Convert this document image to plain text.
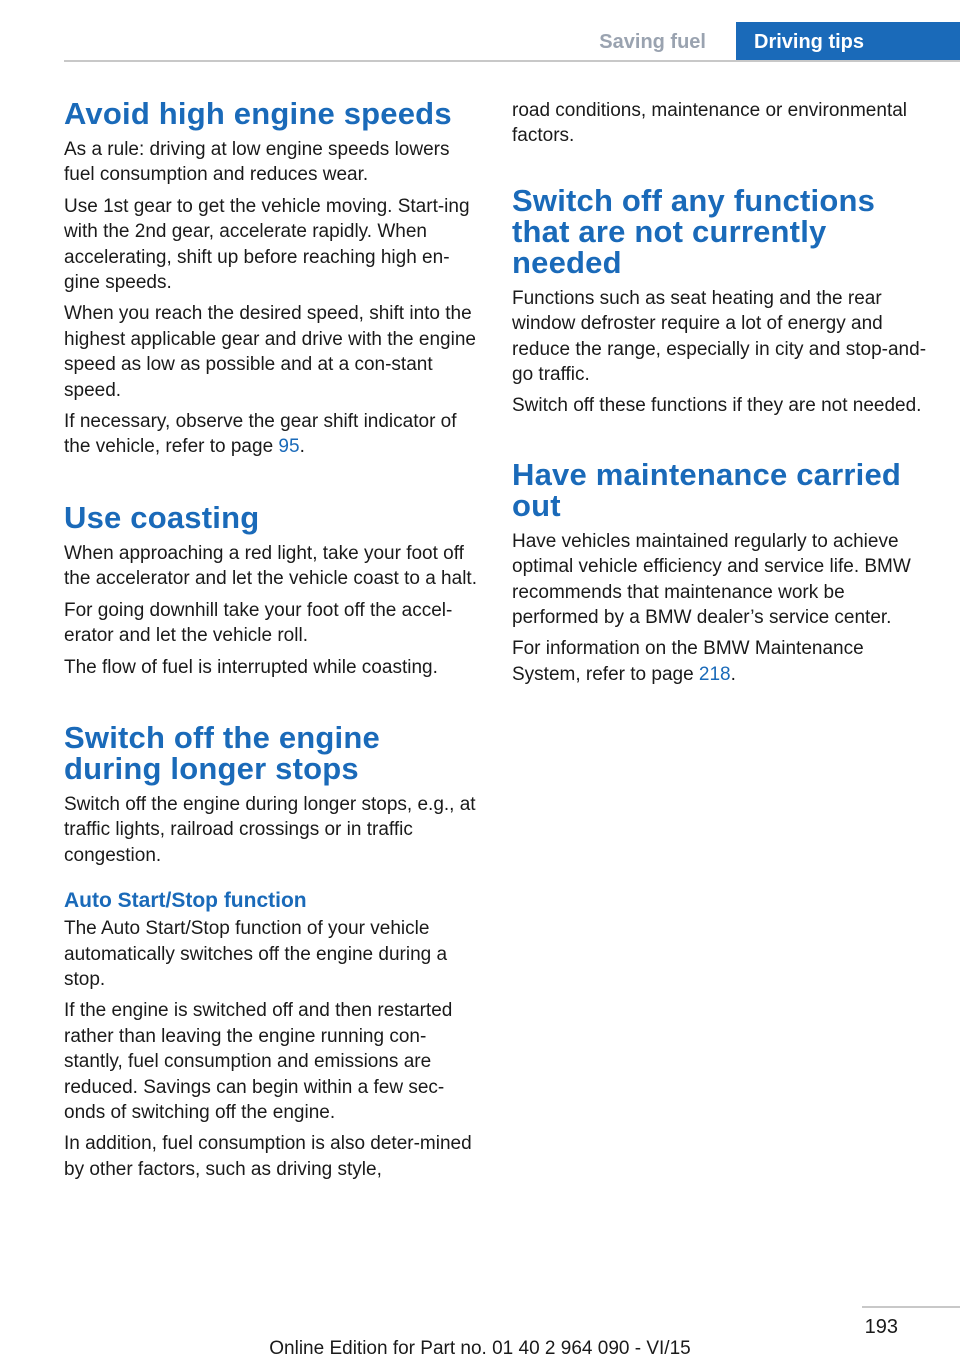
Saving fuel	Driving tips
Avoid high engine speeds

As a rule: driving at low engine speeds lowers fuel consumption and reduces wear.

Use 1st gear to get the vehicle moving. Start‐ing with the 2nd gear, accelerate rapidly. When accelerating, shift up before reaching high en‐gine speeds.

When you reach the desired speed, shift into the highest applicable gear and drive with the engine speed as low as possible and at a con‐stant speed.

If necessary, observe the gear shift indicator of the vehicle, refer to page 95.

Use coasting

When approaching a red light, take your foot off the accelerator and let the vehicle coast to a halt.

For going downhill take your foot off the accel‐erator and let the vehicle roll.

The flow of fuel is interrupted while coasting.

Switch off the engine during longer stops

Switch off the engine during longer stops, e.g., at traffic lights, railroad crossings or in traffic congestion.

Auto Start/Stop function

The Auto Start/Stop function of your vehicle automatically switches off the engine during a stop.

If the engine is switched off and then restarted rather than leaving the engine running con‐stantly, fuel consumption and emissions are reduced. Savings can begin within a few sec‐onds of switching off the engine.

In addition, fuel consumption is also deter‐mined by other factors, such as driving style,

road conditions, maintenance or environmental factors.

Switch off any functions that are not currently needed

Functions such as seat heating and the rear window defroster require a lot of energy and reduce the range, especially in city and stop-and-go traffic.

Switch off these functions if they are not needed.

Have maintenance carried out

Have vehicles maintained regularly to achieve optimal vehicle efficiency and service life. BMW recommends that maintenance work be performed by a BMW dealer’s service center.

For information on the BMW Maintenance System, refer to page 218.

193
Online Edition for Part no. 01 40 2 964 090 - VI/15
